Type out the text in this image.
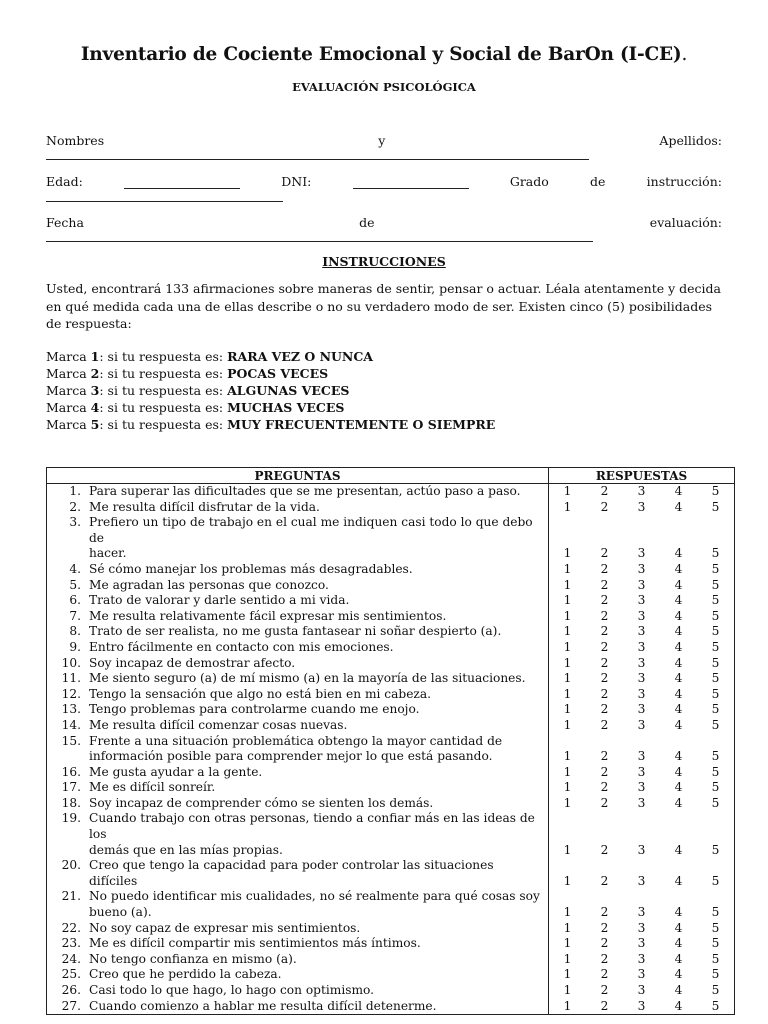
Inventario de Cociente Emocional y Social de BarOn (I-CE).
EVALUACIÓN PSICOLÓGICA
Nombres	y	Apellidos:
Edad:	DNI:	Grado	de	instrucción:
Fecha	de	evaluación:
INSTRUCCIONES
Usted, encontrará 133 afirmaciones sobre maneras de sentir, pensar o actuar. Léala atentamente y decida en qué medida cada una de ellas describe o no su verdadero modo de ser. Existen cinco (5) posibilidades de respuesta:
Marca 1: si tu respuesta es: RARA VEZ O NUNCA
Marca 2: si tu respuesta es: POCAS VECES
Marca 3: si tu respuesta es: ALGUNAS VECES
Marca 4: si tu respuesta es: MUCHAS VECES
Marca 5: si tu respuesta es: MUY FRECUENTEMENTE O SIEMPRE
PREGUNTAS		RESPUESTAS				
1.	Para superar las dificultades que se me presentan, actúo paso a paso.	1	2	3	4	5
2.	Me resulta difícil disfrutar de la vida.	1	2	3	4	5
3.	Prefiero un tipo de trabajo en el cual me indiquen casi todo lo que debo de
hacer.	1	2	3	4	5
4.	Sé cómo manejar los problemas más desagradables.	1	2	3	4	5
5.	Me agradan las personas que conozco.	1	2	3	4	5
6.	Trato de valorar y darle sentido a mi vida.	1	2	3	4	5
7.	Me resulta relativamente fácil expresar mis sentimientos.	1	2	3	4	5
8.	Trato de ser realista, no me gusta fantasear ni soñar despierto (a).	1	2	3	4	5
9.	Entro fácilmente en contacto con mis emociones.	1	2	3	4	5
10.	Soy incapaz de demostrar afecto.	1	2	3	4	5
11.	Me siento seguro (a) de mí mismo (a) en la mayoría de las situaciones.	1	2	3	4	5
12.	Tengo la sensación que algo no está bien en mi cabeza.	1	2	3	4	5
13.	Tengo problemas para controlarme cuando me enojo.	1	2	3	4	5
14.	Me resulta difícil comenzar cosas nuevas.	1	2	3	4	5
15.	Frente a una situación problemática obtengo la mayor cantidad de
información posible para comprender mejor lo que está pasando.	1	2	3	4	5
16.	Me gusta ayudar a la gente.	1	2	3	4	5
17.	Me es difícil sonreír.	1	2	3	4	5
18.	Soy incapaz de comprender cómo se sienten los demás.	1	2	3	4	5
19.	Cuando trabajo con otras personas, tiendo a confiar más en las ideas de los
demás que en las mías propias.	1	2	3	4	5
20.	Creo que tengo la capacidad para poder controlar las situaciones difíciles	1	2	3	4	5
21.	No puedo identificar mis cualidades, no sé realmente para qué cosas soy
bueno (a).	1	2	3	4	5
22.	No soy capaz de expresar mis sentimientos.	1	2	3	4	5
23.	Me es difícil compartir mis sentimientos más íntimos.	1	2	3	4	5
24.	No tengo confianza en mismo (a).	1	2	3	4	5
25.	Creo que he perdido la cabeza.	1	2	3	4	5
26.	Casi todo lo que hago, lo hago con optimismo.	1	2	3	4	5
27.	Cuando comienzo a hablar me resulta difícil detenerme.	1	2	3	4	5
